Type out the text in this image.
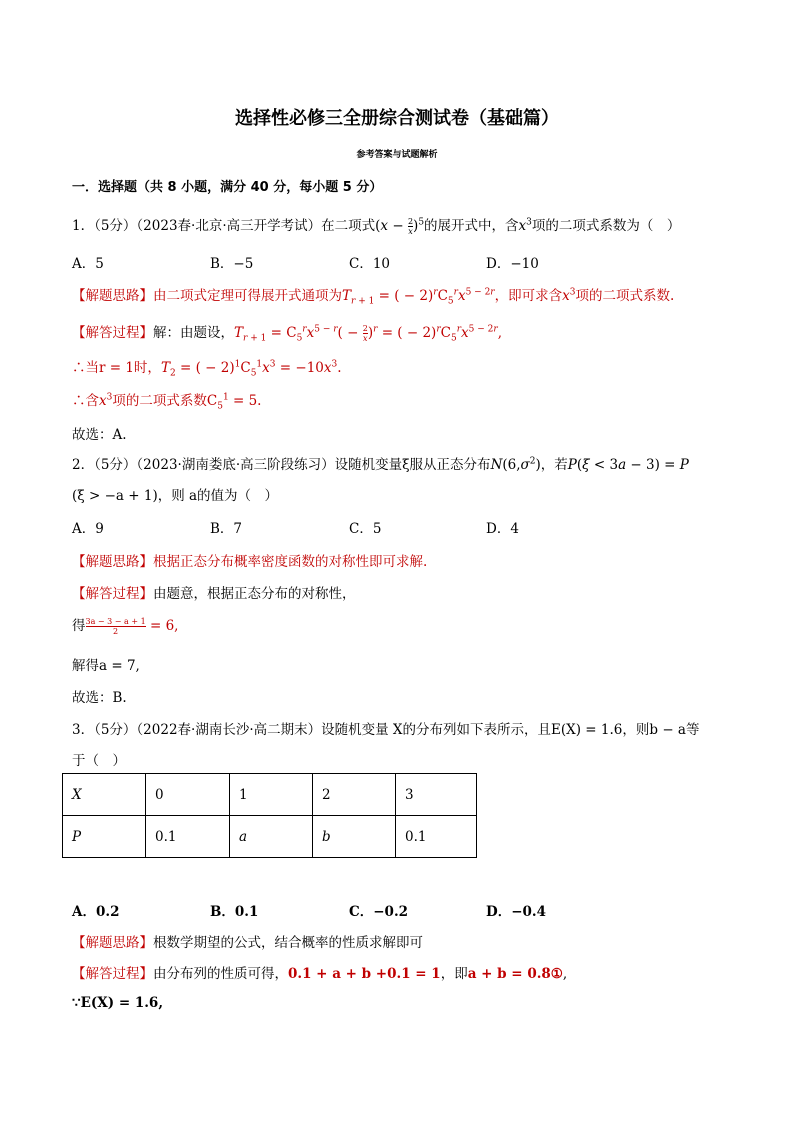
选择性必修三全册综合测试卷（基础篇）
参考答案与试题解析
一．选择题（共 8 小题，满分 40 分，每小题 5 分）
1．（5分）（2023春·北京·高三开学考试）在二项式$(x - \frac{2}{x} )^5$的展开式中，含$x^3$项的二项式系数为（　）
A．5	B．−5	C．10	D．−10
【解题思路】由二项式定理可得展开式通项为$T_{r + 1}$ = ( − $2)^rC_5^rx^{5 - 2r}$，即可求含$x^3$项的二项式系数.
【解答过程】解：由题设，$T_{r + 1} = C_5^rx^{5 - r}( - \frac{2}{x} )^r$ = ( − $2)^rC_5^rx^{5 - 2r}$,
∴当r = 1时，$T_2$ = ( − $2)^1C_5^1x^3 = -10x^3$.
∴含$x^3$项的二项式系数$C_5^1 = 5$.
故选：A.
2．（5分）（2023·湖南娄底·高三阶段练习）设随机变量ξ服从正态分布$N(6,\sigma^2)$，若P(ξ < 3a − 3) = P
(ξ > −a + 1)，则 a的值为（　）
A．9	B．7	C．5	D．4
【解题思路】根据正态分布概率密度函数的对称性即可求解.
【解答过程】由题意，根据正态分布的对称性，
得 $\frac{3a - 3 - a + 1}{2} = 6$,
解得a = 7,
故选：B.
3．（5分）（2022春·湖南长沙·高二期末）设随机变量 X的分布列如下表所示，且E(X) = 1.6，则b − a等
于（　）
X	0	1	2	3
P	0.1	a	b	0.1
A．0.2	B．0.1	C．−0.2	D．−0.4
【解题思路】根数学期望的公式，结合概率的性质求解即可
【解答过程】由分布列的性质可得，0.1 + a + b +0.1 = 1，即a + b = 0.8①,
∵E(X) = 1.6,
